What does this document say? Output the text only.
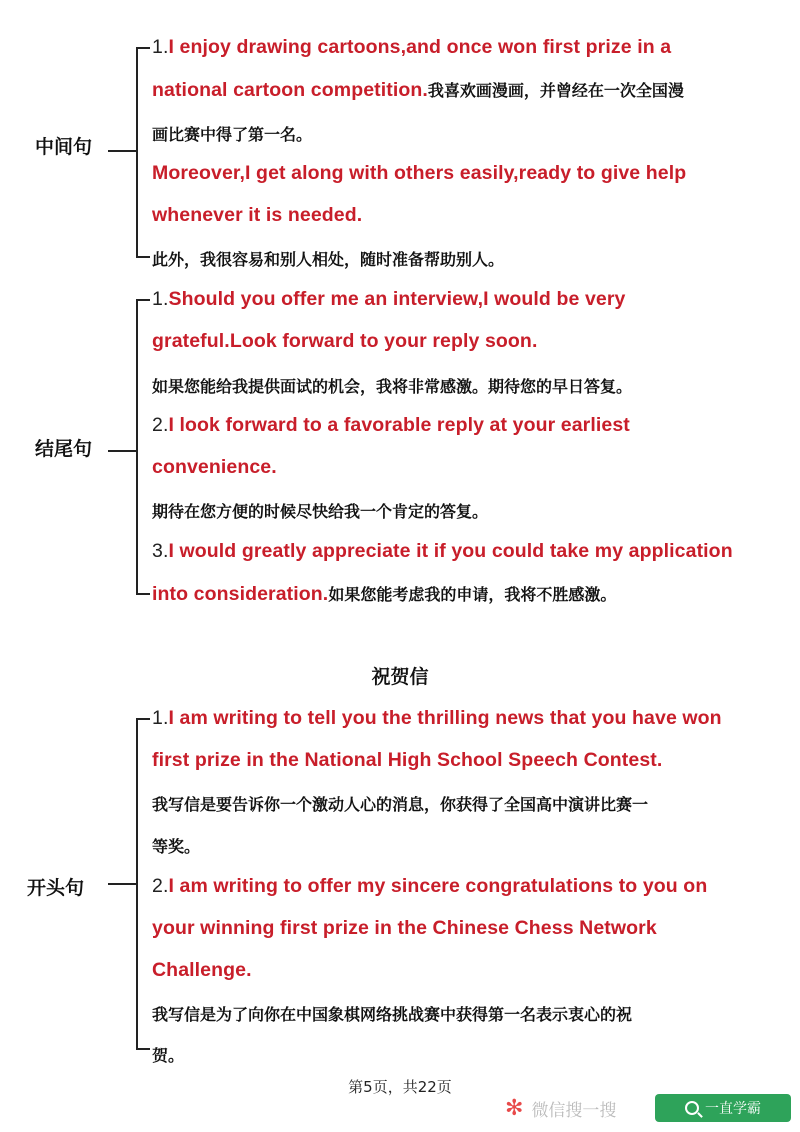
中间句
1.I enjoy drawing cartoons,and once won first prize in a
national cartoon competition.我喜欢画漫画，并曾经在一次全国漫
画比赛中得了第一名。
Moreover,I get along with others easily,ready to give help
whenever it is needed.
此外，我很容易和别人相处，随时准备帮助别人。
结尾句
1.Should you offer me an interview,I would be very
grateful.Look forward to your reply soon.
如果您能给我提供面试的机会，我将非常感激。期待您的早日答复。
2.I look forward to a favorable reply at your earliest
convenience.
期待在您方便的时候尽快给我一个肯定的答复。
3.I would greatly appreciate it if you could take my application
into consideration.如果您能考虑我的申请，我将不胜感激。
祝贺信
开头句
1.I am writing to tell you the thrilling news that you have won
first prize in the National High School Speech Contest.
我写信是要告诉你一个激动人心的消息，你获得了全国高中演讲比赛一
等奖。
2.I am writing to offer my sincere congratulations to you on
your winning first prize in the Chinese Chess Network
Challenge.
我写信是为了向你在中国象棋网络挑战赛中获得第一名表示衷心的祝
贺。
第5页，共22页
✻ 微信搜一搜	一直学霸
